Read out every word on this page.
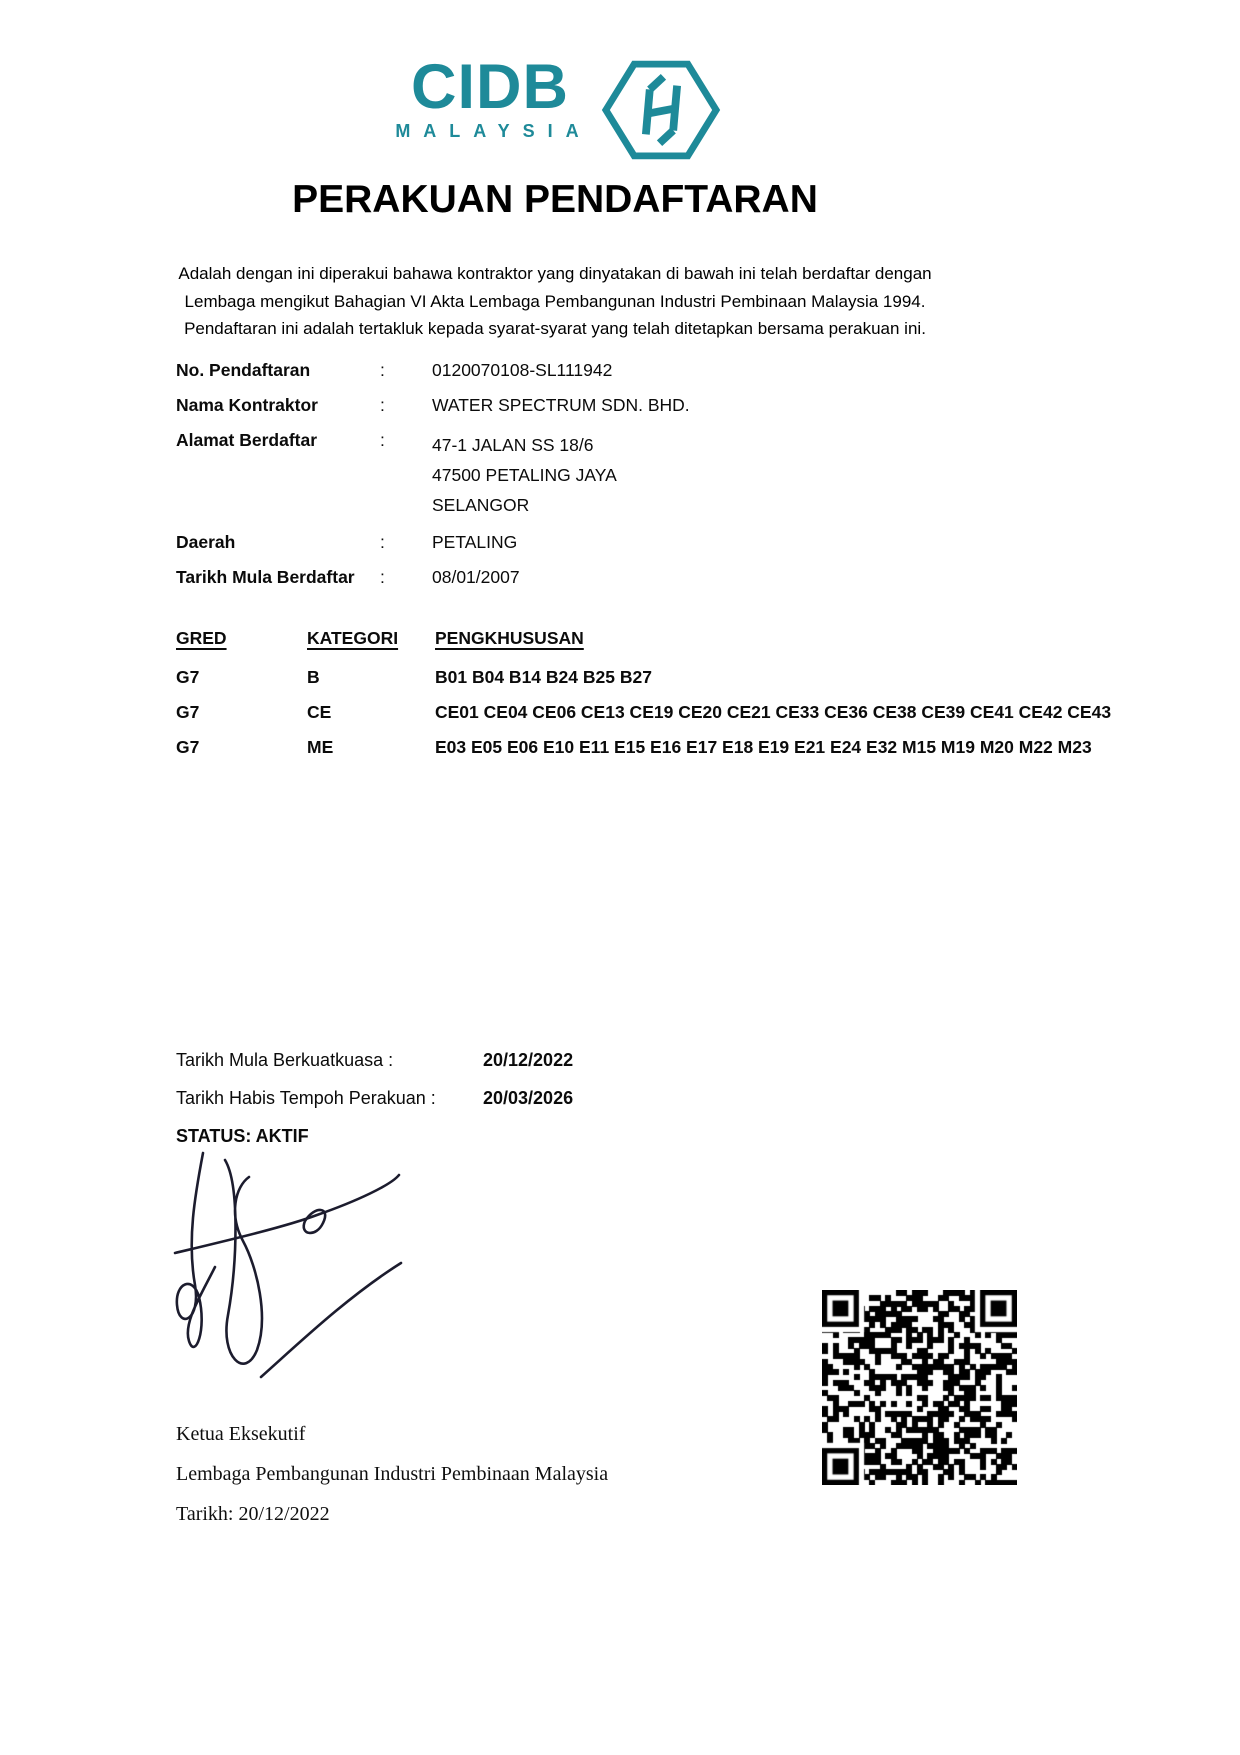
CIDB
MALAYSIA
PERAKUAN PENDAFTARAN
Adalah dengan ini diperakui bahawa kontraktor yang dinyatakan di bawah ini telah berdaftar dengan
Lembaga mengikut Bahagian VI Akta Lembaga Pembangunan Industri Pembinaan Malaysia 1994.
Pendaftaran ini adalah tertakluk kepada syarat-syarat yang telah ditetapkan bersama perakuan ini.
No. Pendaftaran	:	0120070108-SL111942
Nama Kontraktor	:	WATER SPECTRUM SDN. BHD.
Alamat Berdaftar	:	47-1 JALAN SS 18/6
47500 PETALING JAYA
SELANGOR
Daerah	:	PETALING
Tarikh Mula Berdaftar	:	08/01/2007
GRED	KATEGORI	PENGKHUSUSAN
G7	B	B01 B04 B14 B24 B25 B27
G7	CE	CE01 CE04 CE06 CE13 CE19 CE20 CE21 CE33 CE36 CE38 CE39 CE41 CE42 CE43
G7	ME	E03 E05 E06 E10 E11 E15 E16 E17 E18 E19 E21 E24 E32 M15 M19 M20 M22 M23
Tarikh Mula Berkuatkuasa :	20/12/2022
Tarikh Habis Tempoh Perakuan :	20/03/2026
STATUS: AKTIF
Ketua Eksekutif
Lembaga Pembangunan Industri Pembinaan Malaysia
Tarikh: 20/12/2022
